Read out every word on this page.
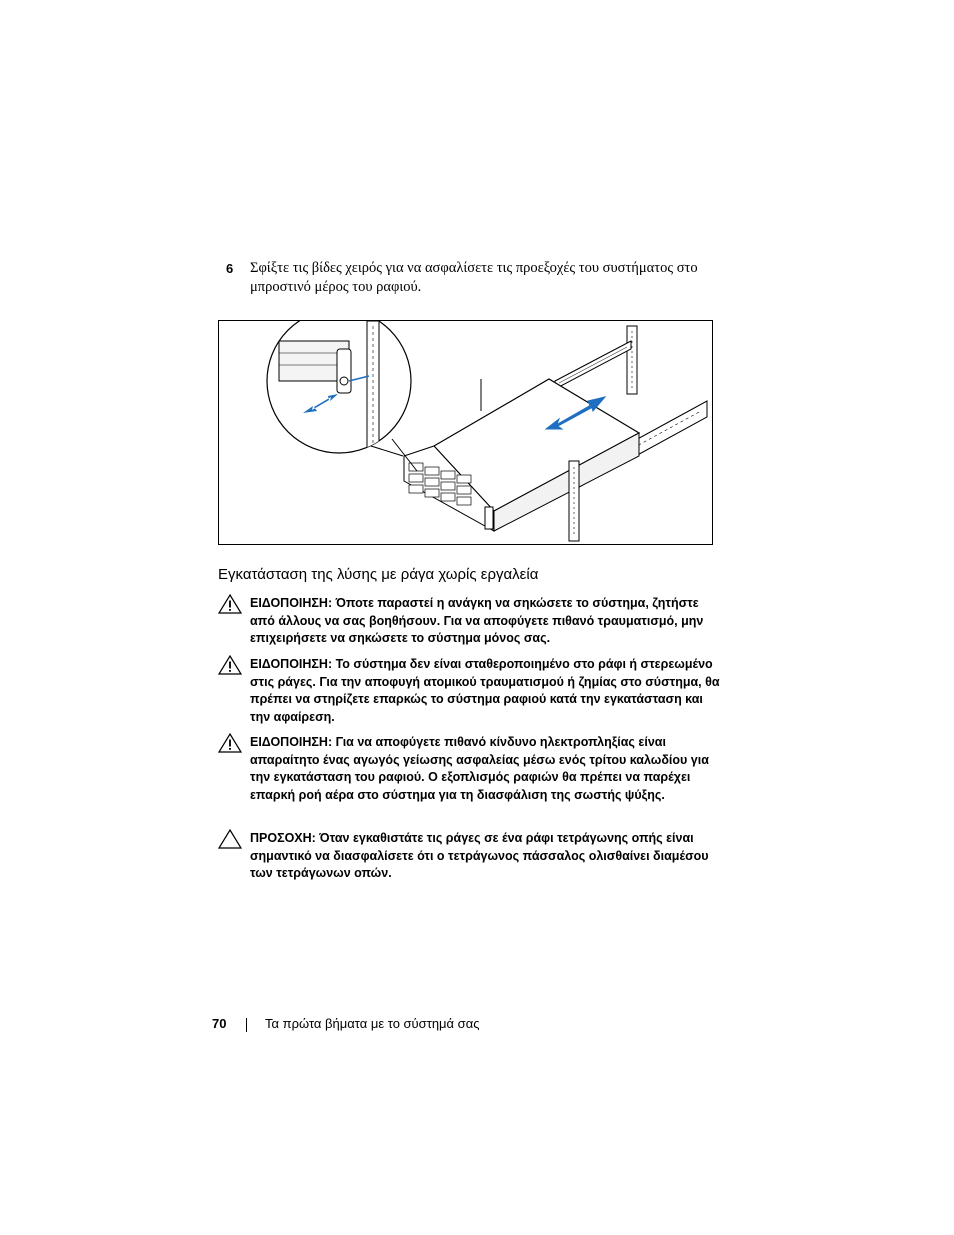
6 Σφίξτε τις βίδες χειρός για να ασφαλίσετε τις προεξοχές του συστήματος στο μπροστινό μέρος του ραφιού.
Εγκατάσταση της λύσης με ράγα χωρίς εργαλεία
ΕΙΔΟΠΟΙΗΣΗ: Όποτε παραστεί η ανάγκη να σηκώσετε το σύστημα, ζητήστε από άλλους να σας βοηθήσουν. Για να αποφύγετε πιθανό τραυματισμό, μην επιχειρήσετε να σηκώσετε το σύστημα μόνος σας.
ΕΙΔΟΠΟΙΗΣΗ: Το σύστημα δεν είναι σταθεροποιημένο στο ράφι ή στερεωμένο στις ράγες. Για την αποφυγή ατομικού τραυματισμού ή ζημίας στο σύστημα, θα πρέπει να στηρίζετε επαρκώς το σύστημα ραφιού κατά την εγκατάσταση και την αφαίρεση.
ΕΙΔΟΠΟΙΗΣΗ: Για να αποφύγετε πιθανό κίνδυνο ηλεκτροπληξίας είναι απαραίτητο ένας αγωγός γείωσης ασφαλείας μέσω ενός τρίτου καλωδίου για την εγκατάσταση του ραφιού. Ο εξοπλισμός ραφιών θα πρέπει να παρέχει επαρκή ροή αέρα στο σύστημα για τη διασφάλιση της σωστής ψύξης.
ΠΡΟΣΟΧΗ: Όταν εγκαθιστάτε τις ράγες σε ένα ράφι τετράγωνης οπής είναι σημαντικό να διασφαλίσετε ότι ο τετράγωνος πάσσαλος ολισθαίνει διαμέσου των τετράγωνων οπών.
70	Τα πρώτα βήματα με το σύστημά σας
